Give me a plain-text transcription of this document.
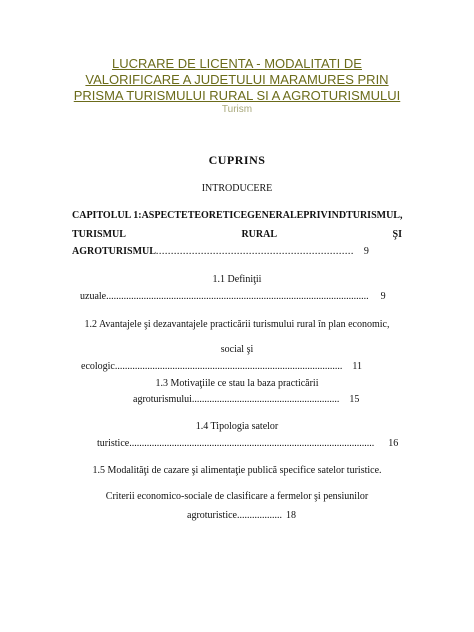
LUCRARE DE LICENTA - MODALITATI DE VALORIFICARE A JUDETULUI MARAMURES PRIN PRISMA TURISMULUI RURAL SI A AGROTURISMULUI
Turism
CUPRINS
INTRODUCERE
CAPITOLUL 1: ASPECTE TEORETICE GENERALE PRIVIND TURISMUL,
TURISMUL	RURAL	ŞI
AGROTURISMUL.................................................................. 9
1.1 Definiţii
uzuale......................................................................................................... 9
1.2 Avantajele şi dezavantajele practicării turismului rural în plan economic,
social şi
ecologic........................................................................................... 11
1.3 Motivaţiile ce stau la baza practicării
agroturismului........................................................... 15
1.4 Tipologia satelor
turistice.................................................................................................. 16
1.5 Modalităţi de cazare şi alimentaţie publică specifice satelor turistice.
Criterii economico-sociale de clasificare a fermelor şi pensiunilor
agroturistice.................. 18
